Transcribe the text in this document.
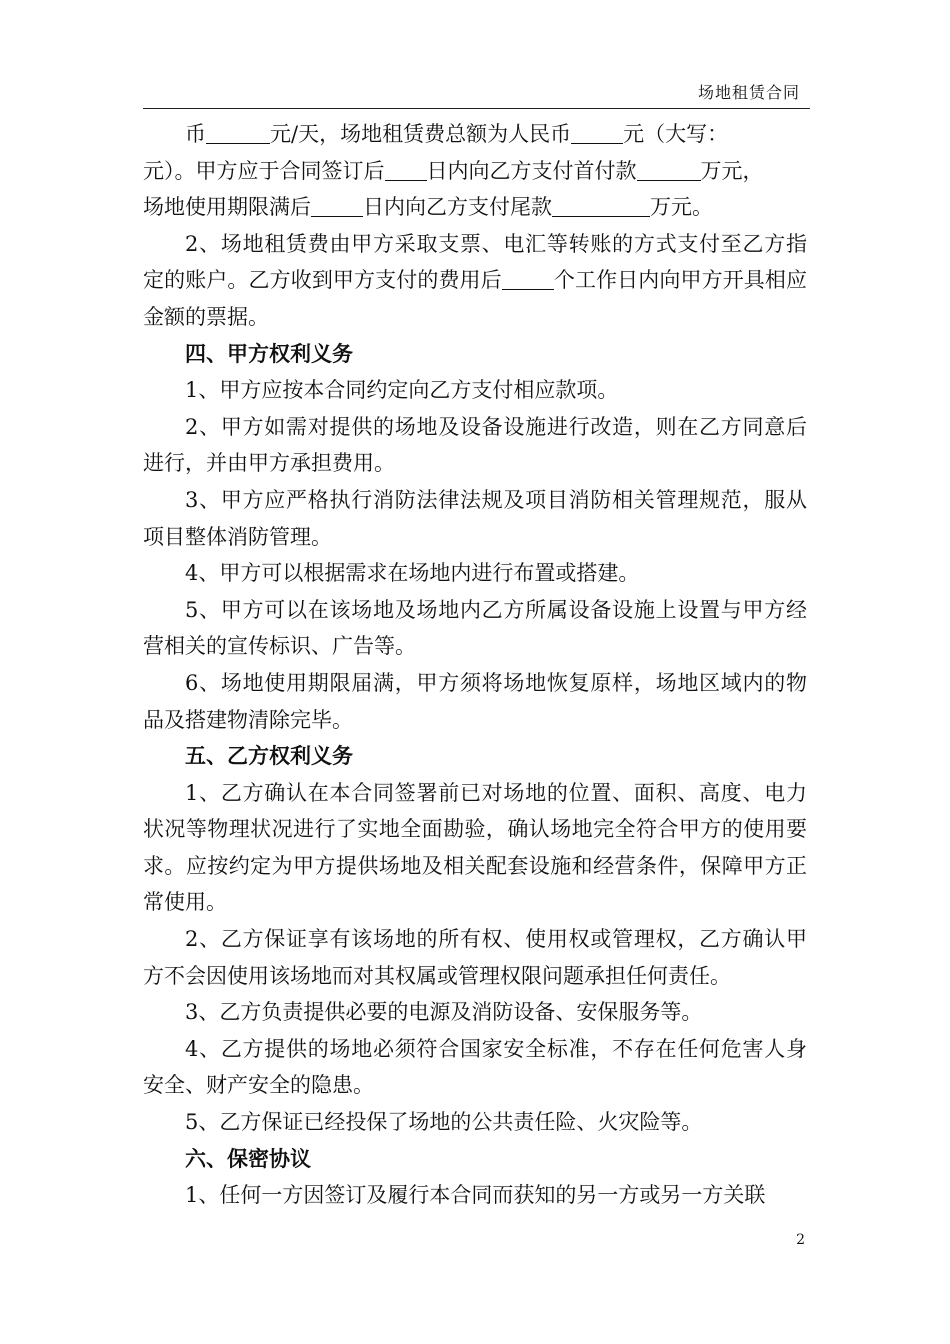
场地租赁合同

币	元/天，场地租赁费总额为人民币 元（大写：
元）。甲方应于合同签订后 日内向乙方支付首付款	万元，
场地使用期限满后 日内向乙方支付尾款	万元。

2、场地租赁费由甲方采取支票、电汇等转账的方式支付至乙方指定的账户。乙方收到甲方支付的费用后 个工作日内向甲方开具相应金额的票据。

四、甲方权利义务

1、甲方应按本合同约定向乙方支付相应款项。

2、甲方如需对提供的场地及设备设施进行改造，则在乙方同意后进行，并由甲方承担费用。

3、甲方应严格执行消防法律法规及项目消防相关管理规范，服从项目整体消防管理。

4、甲方可以根据需求在场地内进行布置或搭建。

5、甲方可以在该场地及场地内乙方所属设备设施上设置与甲方经营相关的宣传标识、广告等。

6、场地使用期限届满，甲方须将场地恢复原样，场地区域内的物品及搭建物清除完毕。

五、乙方权利义务

1、乙方确认在本合同签署前已对场地的位置、面积、高度、电力状况等物理状况进行了实地全面勘验，确认场地完全符合甲方的使用要求。应按约定为甲方提供场地及相关配套设施和经营条件，保障甲方正常使用。

2、乙方保证享有该场地的所有权、使用权或管理权，乙方确认甲方不会因使用该场地而对其权属或管理权限问题承担任何责任。

3、乙方负责提供必要的电源及消防设备、安保服务等。

4、乙方提供的场地必须符合国家安全标准，不存在任何危害人身安全、财产安全的隐患。

5、乙方保证已经投保了场地的公共责任险、火灾险等。

六、保密协议

1、任何一方因签订及履行本合同而获知的另一方或另一方关联

2
